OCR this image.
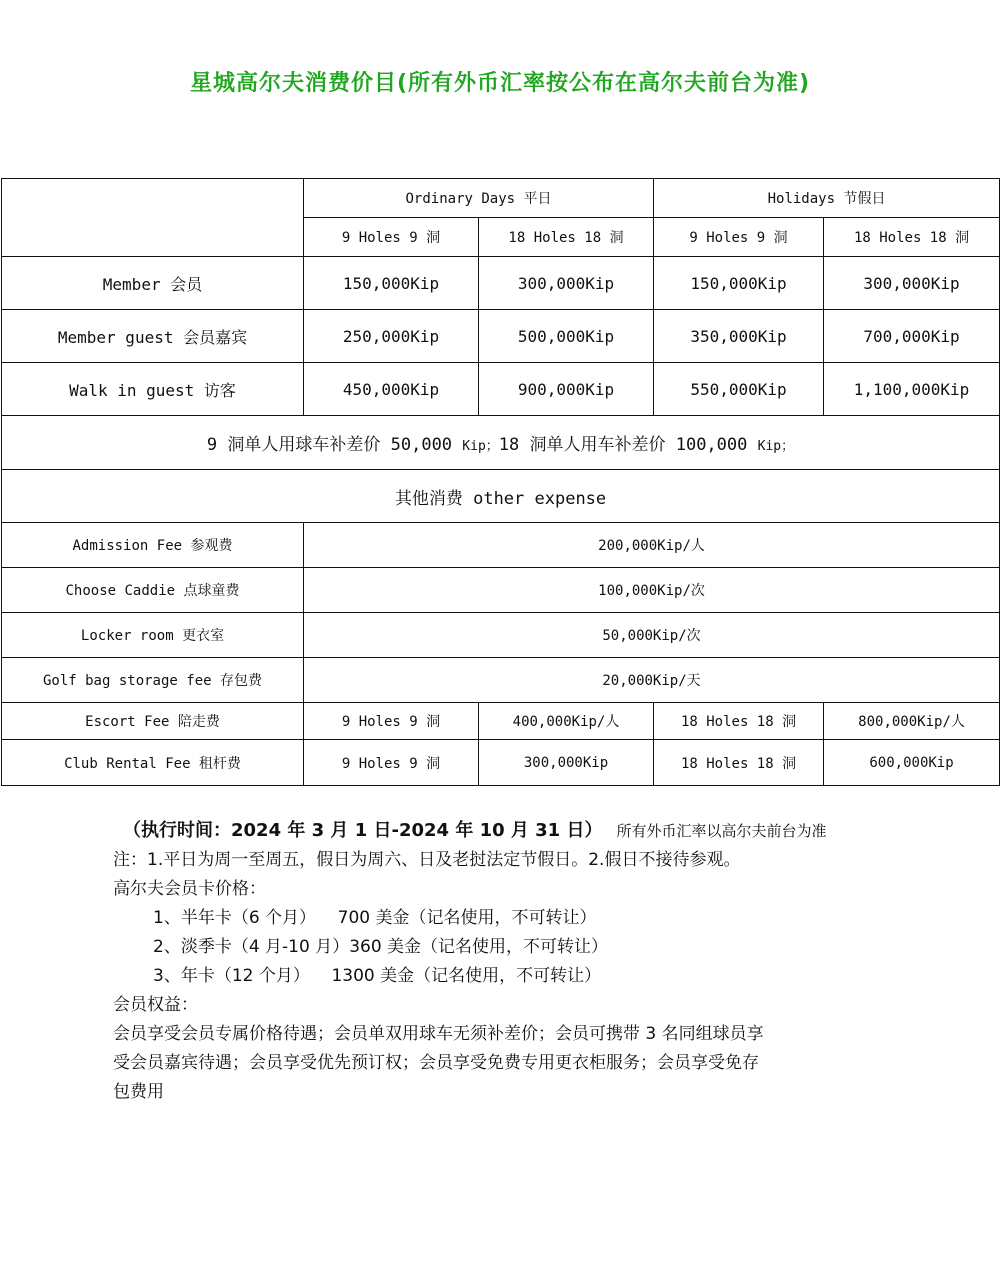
星城高尔夫消费价目(所有外币汇率按公布在高尔夫前台为准)
	Ordinary Days 平日		Holidays 节假日	
	9 Holes 9 洞	18 Holes 18 洞	9 Holes 9 洞	18 Holes 18 洞
Member 会员	150,000Kip	300,000Kip	150,000Kip	300,000Kip
Member guest 会员嘉宾	250,000Kip	500,000Kip	350,000Kip	700,000Kip
Walk in guest 访客	450,000Kip	900,000Kip	550,000Kip	1,100,000Kip
9 洞单人用球车补差价 50,000 Kip；18 洞单人用车补差价 100,000 Kip；				
其他消费 other expense				
Admission Fee 参观费	200,000Kip/人			
Choose Caddie 点球童费	100,000Kip/次			
Locker room 更衣室	50,000Kip/次			
Golf bag storage fee 存包费	20,000Kip/天			
Escort Fee 陪走费	9 Holes 9 洞	400,000Kip/人	18 Holes 18 洞	800,000Kip/人
Club Rental Fee 租杆费	9 Holes 9 洞	300,000Kip	18 Holes 18 洞	600,000Kip
（执行时间：2024 年 3 月 1 日-2024 年 10 月 31 日） 所有外币汇率以高尔夫前台为准
注：1.平日为周一至周五，假日为周六、日及老挝法定节假日。2.假日不接待参观。
高尔夫会员卡价格：
1、半年卡（6 个月）    700 美金（记名使用，不可转让）
2、淡季卡（4 月-10 月）360 美金（记名使用，不可转让）
3、年卡（12 个月）    1300 美金（记名使用，不可转让）
会员权益：
会员享受会员专属价格待遇；会员单双用球车无须补差价；会员可携带 3 名同组球员享
受会员嘉宾待遇；会员享受优先预订权；会员享受免费专用更衣柜服务；会员享受免存
包费用
